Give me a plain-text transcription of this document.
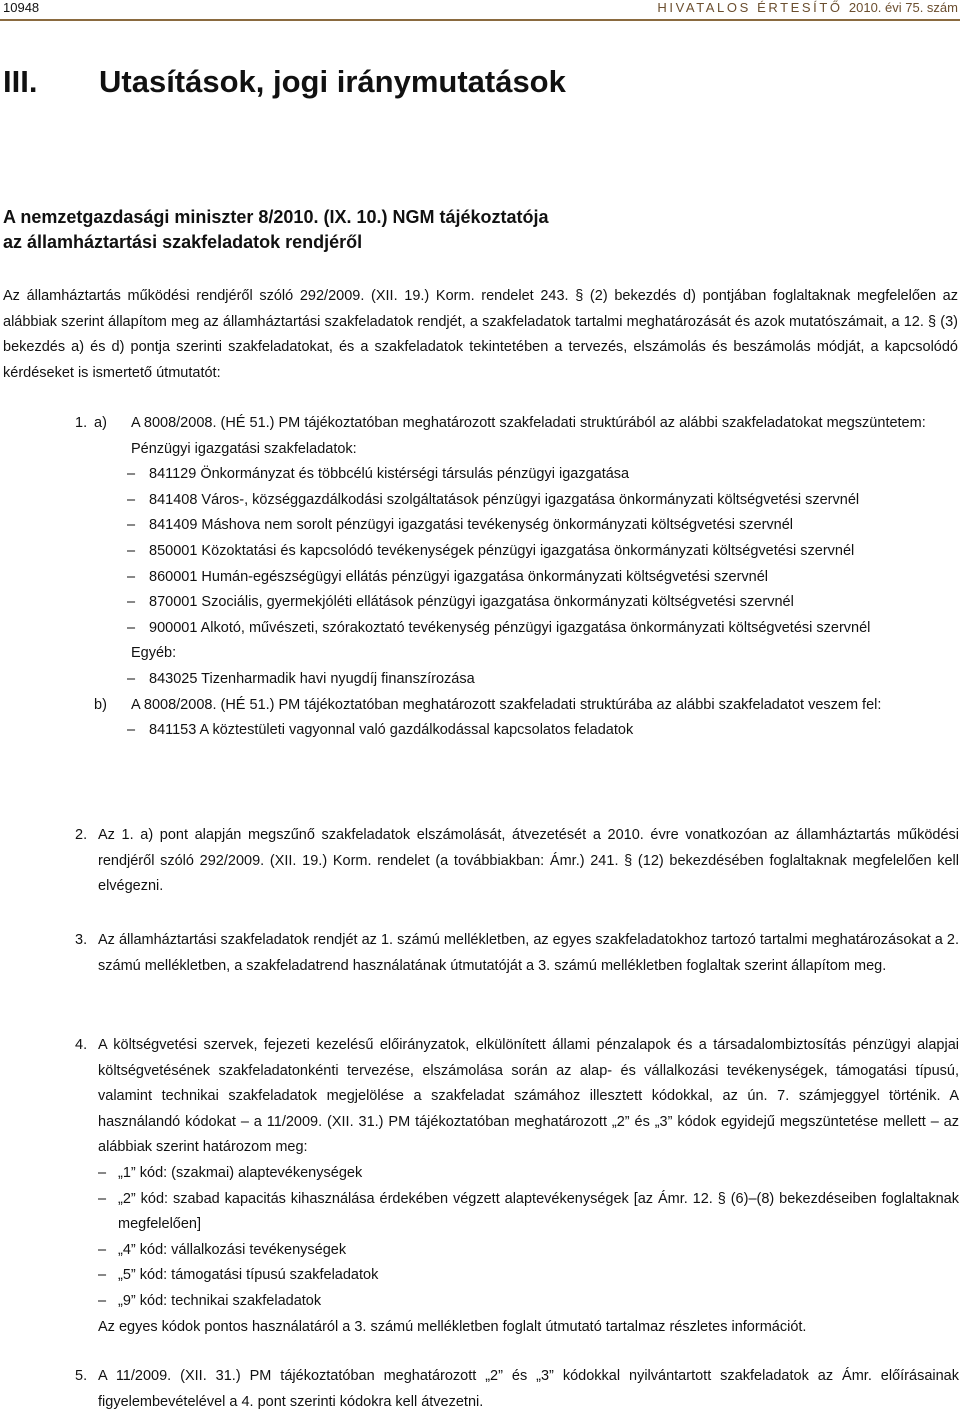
10948	HIVATALOS ÉRTESÍTŐ 2010. évi 75. szám
III. Utasítások, jogi iránymutatások
A nemzetgazdasági miniszter 8/2010. (IX. 10.) NGM tájékoztatója
az államháztartási szakfeladatok rendjéről
Az államháztartás működési rendjéről szóló 292/2009. (XII. 19.) Korm. rendelet 243. § (2) bekezdés d) pontjában foglaltaknak megfelelően az alábbiak szerint állapítom meg az államháztartási szakfeladatok rendjét, a szakfeladatok tartalmi meghatározását és azok mutatószámait, a 12. § (3) bekezdés a) és d) pontja szerinti szakfeladatokat, és a szakfeladatok tekintetében a tervezés, elszámolás és beszámolás módját, a kapcsolódó kérdéseket is ismertető útmutatót:
1. a) A 8008/2008. (HÉ 51.) PM tájékoztatóban meghatározott szakfeladati struktúrából az alábbi szakfeladatokat megszüntetem:
Pénzügyi igazgatási szakfeladatok:
– 841129 Önkormányzat és többcélú kistérségi társulás pénzügyi igazgatása
– 841408 Város-, községgazdálkodási szolgáltatások pénzügyi igazgatása önkormányzati költségvetési szervnél
– 841409 Máshova nem sorolt pénzügyi igazgatási tevékenység önkormányzati költségvetési szervnél
– 850001 Közoktatási és kapcsolódó tevékenységek pénzügyi igazgatása önkormányzati költségvetési szervnél
– 860001 Humán-egészségügyi ellátás pénzügyi igazgatása önkormányzati költségvetési szervnél
– 870001 Szociális, gyermekjóléti ellátások pénzügyi igazgatása önkormányzati költségvetési szervnél
– 900001 Alkotó, művészeti, szórakoztató tevékenység pénzügyi igazgatása önkormányzati költségvetési szervnél
Egyéb:
– 843025 Tizenharmadik havi nyugdíj finanszírozása
b) A 8008/2008. (HÉ 51.) PM tájékoztatóban meghatározott szakfeladati struktúrába az alábbi szakfeladatot veszem fel:
– 841153 A köztestületi vagyonnal való gazdálkodással kapcsolatos feladatok
2. Az 1. a) pont alapján megszűnő szakfeladatok elszámolását, átvezetését a 2010. évre vonatkozóan az államháztartás működési rendjéről szóló 292/2009. (XII. 19.) Korm. rendelet (a továbbiakban: Ámr.) 241. § (12) bekezdésében foglaltaknak megfelelően kell elvégezni.
3. Az államháztartási szakfeladatok rendjét az 1. számú mellékletben, az egyes szakfeladatokhoz tartozó tartalmi meghatározásokat a 2. számú mellékletben, a szakfeladatrend használatának útmutatóját a 3. számú mellékletben foglaltak szerint állapítom meg.
4. A költségvetési szervek, fejezeti kezelésű előirányzatok, elkülönített állami pénzalapok és a társadalombiztosítás pénzügyi alapjai költségvetésének szakfeladatonkénti tervezése, elszámolása során az alap- és vállalkozási tevékenységek, támogatási típusú, valamint technikai szakfeladatok megjelölése a szakfeladat számához illesztett kódokkal, az ún. 7. számjeggyel történik. A használandó kódokat – a 11/2009. (XII. 31.) PM tájékoztatóban meghatározott „2” és „3” kódok egyidejű megszüntetése mellett – az alábbiak szerint határozom meg:
– „1” kód: (szakmai) alaptevékenységek
– „2” kód: szabad kapacitás kihasználása érdekében végzett alaptevékenységek [az Ámr. 12. § (6)–(8) bekezdéseiben foglaltaknak megfelelően]
– „4” kód: vállalkozási tevékenységek
– „5” kód: támogatási típusú szakfeladatok
– „9” kód: technikai szakfeladatok
Az egyes kódok pontos használatáról a 3. számú mellékletben foglalt útmutató tartalmaz részletes információt.
5. A 11/2009. (XII. 31.) PM tájékoztatóban meghatározott „2” és „3” kódokkal nyilvántartott szakfeladatok az Ámr. előírásainak figyelembevételével a 4. pont szerinti kódokra kell átvezetni.
